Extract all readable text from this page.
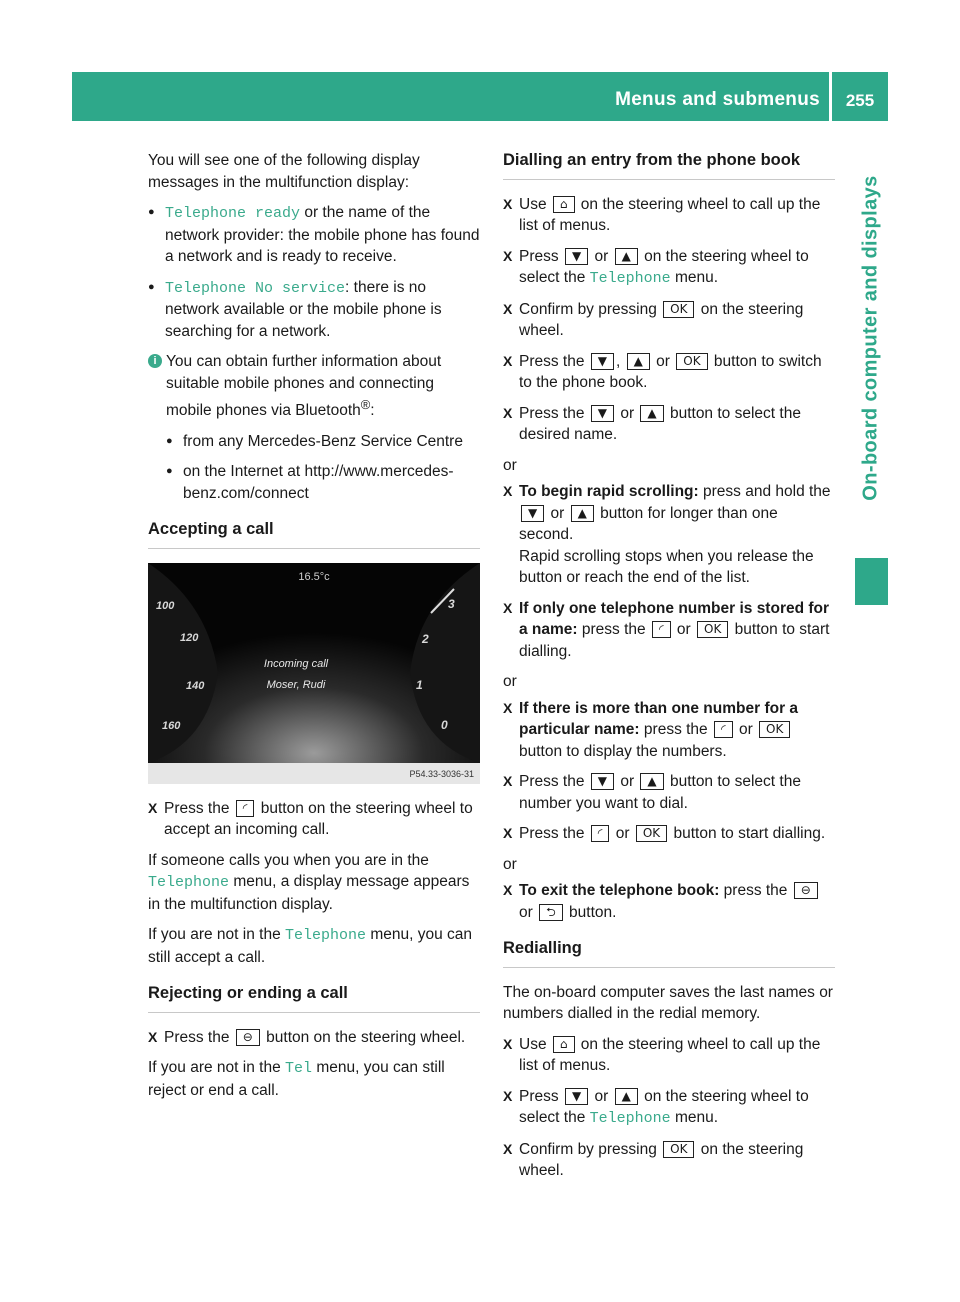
Menus and submenus	255
On-board computer and displays

You will see one of the following display messages in the multifunction display:

● Telephone ready or the name of the network provider: the mobile phone has found a network and is ready to receive.
● Telephone No service: there is no network available or the mobile phone is searching for a network.
i You can obtain further information about suitable mobile phones and connecting mobile phones via Bluetooth®:
● from any Mercedes-Benz Service Centre
● on the Internet at http://www.mercedes-benz.com/connect
Accepting a call
16.5°c
Incoming call
Moser, Rudi
100
120
140
160
3
2
1
0
P54.33-3036-31
X Press the ◜ button on the steering wheel to accept an incoming call.

If someone calls you when you are in the Telephone menu, a display message appears in the multifunction display.

If you are not in the Telephone menu, you can still accept a call.

Rejecting or ending a call
X Press the ⊖ button on the steering wheel.

If you are not in the Tel menu, you can still reject or end a call.

Dialling an entry from the phone book
X Use ⌂ on the steering wheel to call up the list of menus.
X Press ▼ or ▲ on the steering wheel to select the Telephone menu.
X Confirm by pressing OK on the steering wheel.
X Press the ▼ , ▲ or OK button to switch to the phone book.
X Press the ▼ or ▲ button to select the desired name.

or

X To begin rapid scrolling: press and hold the ▼ or ▲ button for longer than one second.
Rapid scrolling stops when you release the button or reach the end of the list.
X If only one telephone number is stored for a name: press the ◜ or OK button to start dialling.

or

X If there is more than one number for a particular name: press the ◜ or OK button to display the numbers.
X Press the ▼ or ▲ button to select the number you want to dial.
X Press the ◜ or OK button to start dialling.

or

X To exit the telephone book: press the ⊖ or ⮌ button.
Redialling

The on-board computer saves the last names or numbers dialled in the redial memory.

X Use ⌂ on the steering wheel to call up the list of menus.
X Press ▼ or ▲ on the steering wheel to select the Telephone menu.
X Confirm by pressing OK on the steering wheel.
